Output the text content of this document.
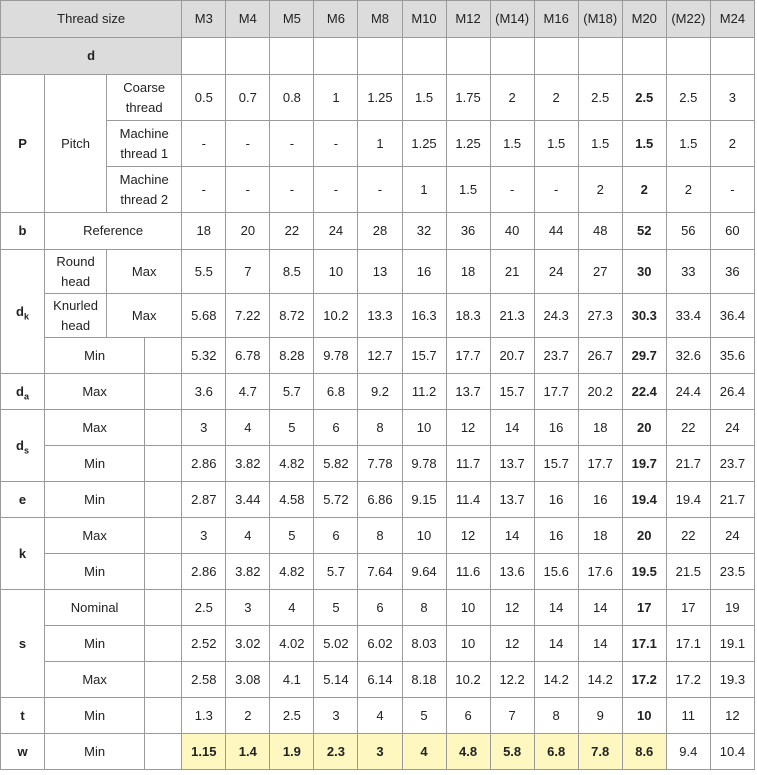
Thread size				M3	M4	M5	M6	M8	M10	M12	(M14)	M16	(M18)	M20	(M22)	M24
d																
P	Pitch	Coarse thread		0.5	0.7	0.8	1	1.25	1.5	1.75	2	2	2.5	2.5	2.5	3
		Machine thread 1		-	-	-	-	1	1.25	1.25	1.5	1.5	1.5	1.5	1.5	2
		Machine thread 2		-	-	-	-	-	1	1.5	-	-	2	2	2	-
b	Reference			18	20	22	24	28	32	36	40	44	48	52	56	60
$d_k$	Round head	Max		5.5	7	8.5	10	13	16	18	21	24	27	30	33	36
	Knurled head	Max		5.68	7.22	8.72	10.2	13.3	16.3	18.3	21.3	24.3	27.3	30.3	33.4	36.4
	Min			5.32	6.78	8.28	9.78	12.7	15.7	17.7	20.7	23.7	26.7	29.7	32.6	35.6
$d_a$	Max			3.6	4.7	5.7	6.8	9.2	11.2	13.7	15.7	17.7	20.2	22.4	24.4	26.4
$d_s$	Max			3	4	5	6	8	10	12	14	16	18	20	22	24
	Min			2.86	3.82	4.82	5.82	7.78	9.78	11.7	13.7	15.7	17.7	19.7	21.7	23.7
e	Min			2.87	3.44	4.58	5.72	6.86	9.15	11.4	13.7	16	16	19.4	19.4	21.7
k	Max			3	4	5	6	8	10	12	14	16	18	20	22	24
	Min			2.86	3.82	4.82	5.7	7.64	9.64	11.6	13.6	15.6	17.6	19.5	21.5	23.5
s	Nominal			2.5	3	4	5	6	8	10	12	14	14	17	17	19
	Min			2.52	3.02	4.02	5.02	6.02	8.03	10	12	14	14	17.1	17.1	19.1
	Max			2.58	3.08	4.1	5.14	6.14	8.18	10.2	12.2	14.2	14.2	17.2	17.2	19.3
t	Min			1.3	2	2.5	3	4	5	6	7	8	9	10	11	12
w	Min			1.15	1.4	1.9	2.3	3	4	4.8	5.8	6.8	7.8	8.6	9.4	10.4
